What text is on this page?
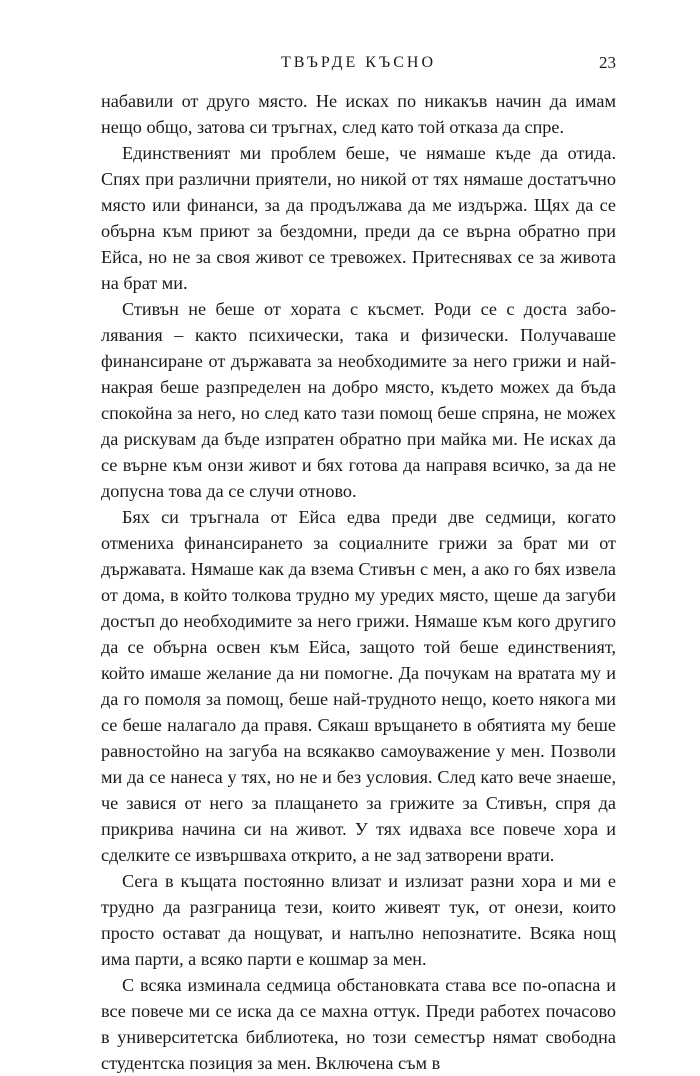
ТВЪРДЕ КЪСНО	23

набавили от друго място. Не исках по никакъв начин да имам нещо общо, затова си тръгнах, след като той отказа да спре.

Единственият ми проблем беше, че нямаше къде да отида. Спях при различни приятели, но никой от тях нямаше достатъчно място или финанси, за да продължава да ме издържа. Щях да се обърна към приют за бездомни, преди да се върна обратно при Ейса, но не за своя живот се тревожех. Притеснявах се за живота на брат ми.

Стивън не беше от хората с късмет. Роди се с доста заболявания – както психически, така и физически. Получаваше финансиране от държавата за необходимите за него грижи и най-накрая беше разпределен на добро място, където можех да бъда спокойна за него, но след като тази помощ беше спряна, не можех да рискувам да бъде изпратен обратно при майка ми. Не исках да се върне към онзи живот и бях готова да направя всичко, за да не допусна това да се случи отново.

Бях си тръгнала от Ейса едва преди две седмици, когато отмениха финансирането за социалните грижи за брат ми от държавата. Нямаше как да взема Стивън с мен, а ако го бях извела от дома, в който толкова трудно му уредих място, щеше да загуби достъп до необходимите за него грижи. Нямаше към кого другиго да се обърна освен към Ейса, защото той беше единственият, който имаше желание да ни помогне. Да почукам на вратата му и да го помоля за помощ, беше най-трудното нещо, което някога ми се беше налагало да правя. Сякаш връщането в обятията му беше равностойно на загуба на всякакво самоуважение у мен. Позволи ми да се нанеса у тях, но не и без условия. След като вече знаеше, че завися от него за плащането за грижите за Стивън, спря да прикрива начина си на живот. У тях идваха все повече хора и сделките се извършваха открито, а не зад затворени врати.

Сега в къщата постоянно влизат и излизат разни хора и ми е трудно да разграница тези, които живеят тук, от онези, които просто остават да нощуват, и напълно непознатите. Всяка нощ има парти, а всяко парти е кошмар за мен.

С всяка изминала седмица обстановката става все по-опасна и все повече ми се иска да се махна оттук. Преди работех почасово в университетска библиотека, но този семестър нямат свободна студентска позиция за мен. Включена съм в
